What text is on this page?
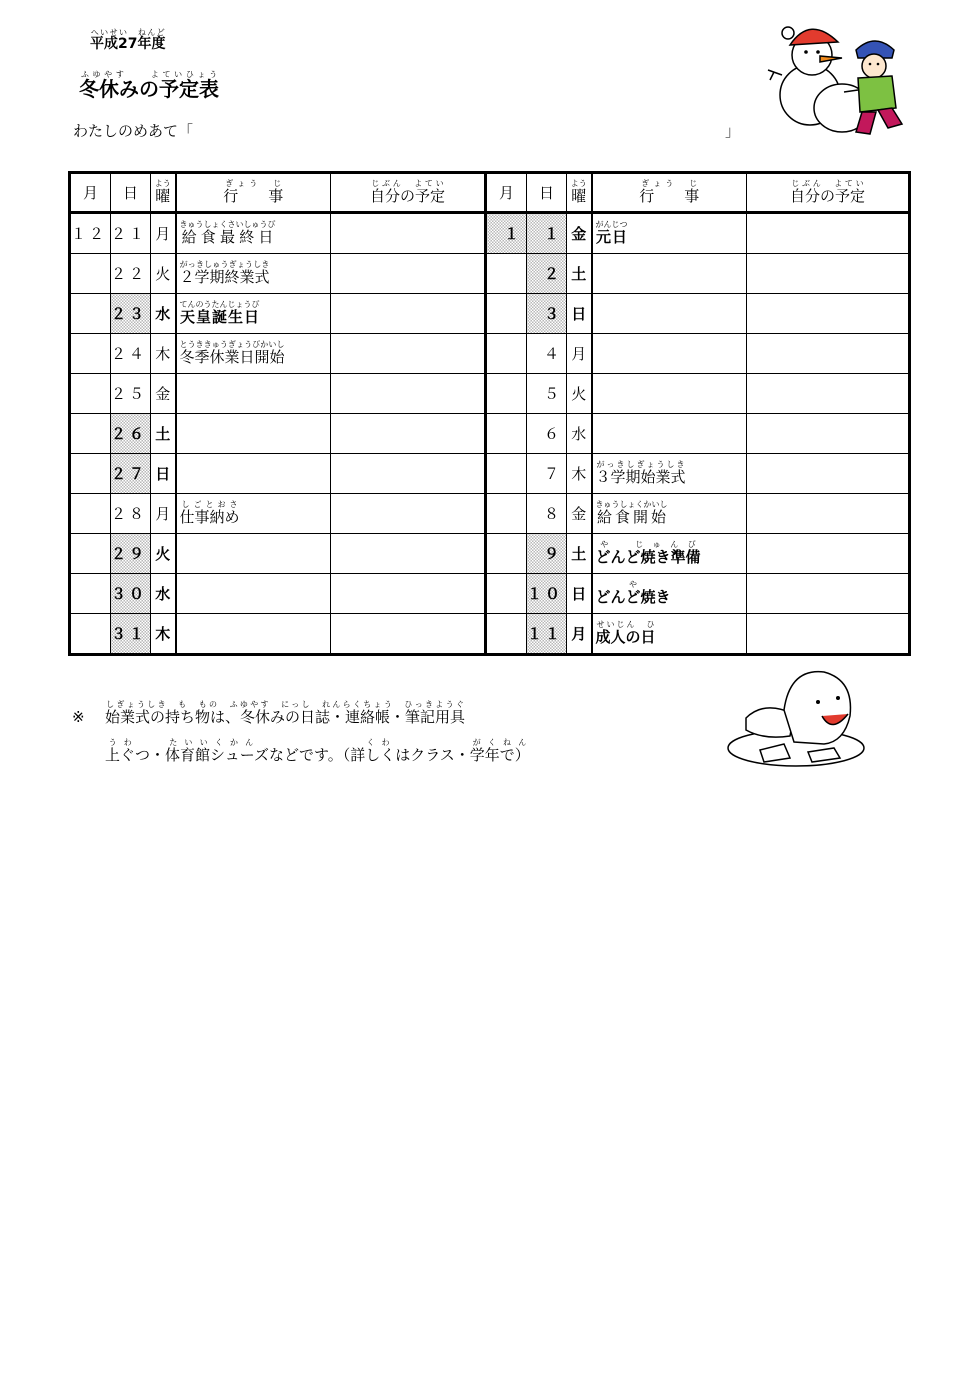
平成27年度へいせい　ねんど
冬休みの予定表ふゆやす　　よていひょう
わたしのめあて「	」
月	日	曜よう	行　　事ぎょう　じ	自分の予定じぶん　よてい	月	日	曜よう	行　　事ぎょう　じ	自分の予定じぶん　よてい
１２	２１	月	給食最終日きゅうしょくさいしゅうび		１	１	金	元日がんじつ		
	２２	火	２学期終業式がっきしゅうぎょうしき			２	土		
	２３	水	天皇誕生日てんのうたんじょうび			３	日		
	２４	木	冬季休業日開始とうききゅうぎょうびかいし			４	月		
	２５	金				５	火		
	２６	土				６	水		
	２７	日				７	木	３学期始業式がっきしぎょうしき		
	２８	月	仕事納めしごとおさ			８	金	給食開始きゅうしょくかいし		
	２９	火				９	土	どんど焼き準備や　じゅんび		
	３０	水				１０	日	どんど焼きや		
	３１	木				１１	月	成人の日せいじん　ひ		
※ 始業式の持ち物は、冬休みの日誌・連絡帳・筆記用具しぎょうしき　も　もの　ふゆやす　にっし　れんらくちょう　ひっきようぐ
上ぐつ・体育館シューズなどです。（詳しくはクラス・学年で）うわ　　たいいくかん　　　　　　　くわ　　　　　がくねん
